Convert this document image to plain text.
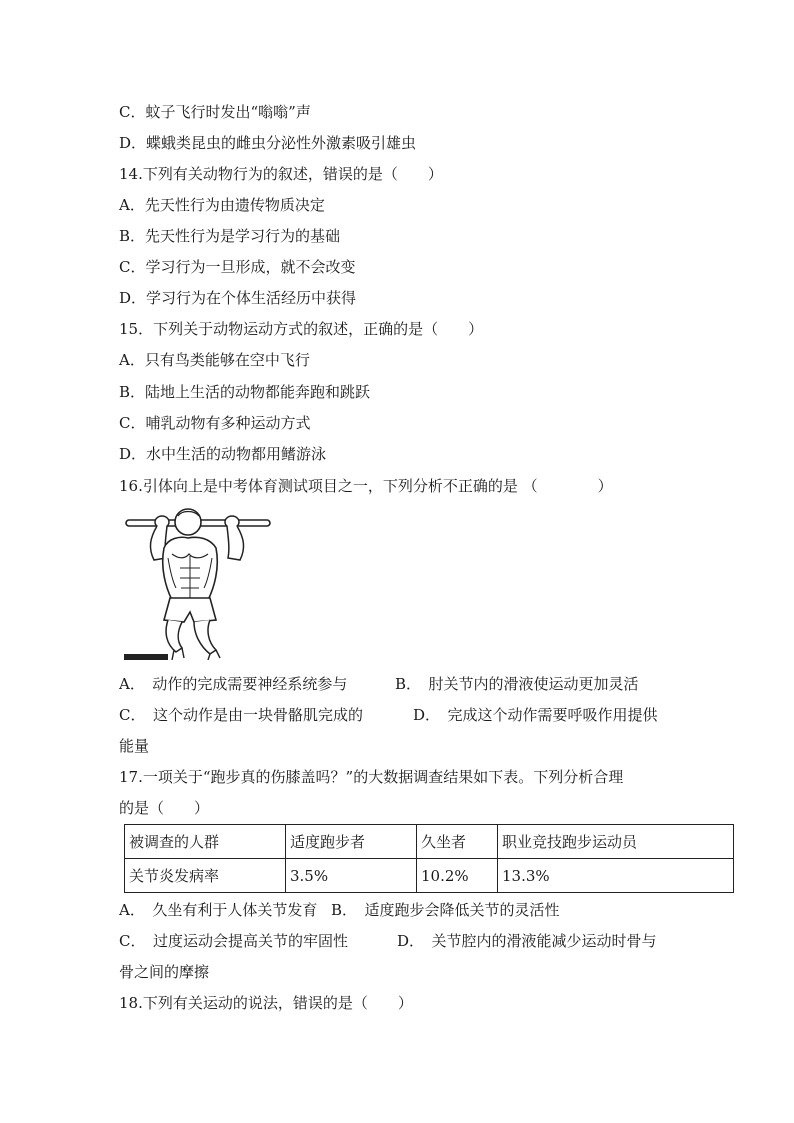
C．蚊子飞行时发出“嗡嗡”声
D．蝶蛾类昆虫的雌虫分泌性外激素吸引雄虫
14.下列有关动物行为的叙述，错误的是（　　）
A．先天性行为由遗传物质决定
B．先天性行为是学习行为的基础
C．学习行为一旦形成，就不会改变
D．学习行为在个体生活经历中获得
15．下列关于动物运动方式的叙述，正确的是（　　）
A．只有鸟类能够在空中飞行
B．陆地上生活的动物都能奔跑和跳跃
C．哺乳动物有多种运动方式
D．水中生活的动物都用鳍游泳
16.引体向上是中考体育测试项目之一，下列分析不正确的是 （　　　　）
A．　动作的完成需要神经系统参与	B．　肘关节内的滑液使运动更加灵活
C．　这个动作是由一块骨骼肌完成的	D．　完成这个动作需要呼吸作用提供
能量
17.一项关于“跑步真的伤膝盖吗？”的大数据调查结果如下表。下列分析合理
的是（　　）
被调查的人群	适度跑步者	久坐者	职业竞技跑步运动员
关节炎发病率	3.5%	10.2%	13.3%
A．　久坐有利于人体关节发育 B．　适度跑步会降低关节的灵活性
C．　过度运动会提高关节的牢固性	D．　关节腔内的滑液能减少运动时骨与
骨之间的摩擦
18.下列有关运动的说法，错误的是（　　）
